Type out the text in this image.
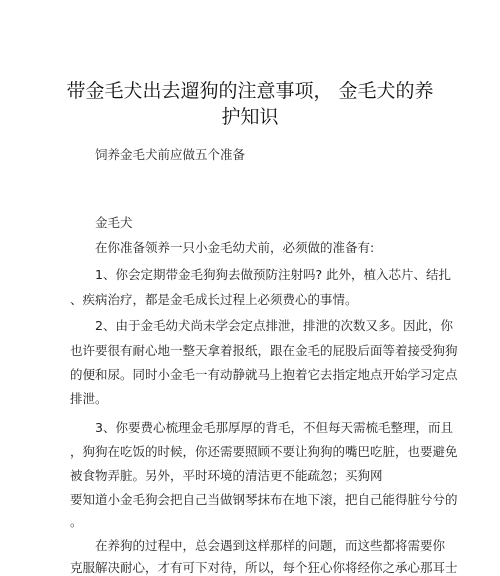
带金毛犬出去遛狗的注意事项， 金毛犬的养
护知识
饲养金毛犬前应做五个准备
金毛犬
在你准备领养一只小金毛幼犬前，必须做的准备有:
1、你会定期带金毛狗狗去做预防注射吗? 此外，植入芯片、结扎
、疾病治疗，都是金毛成长过程上必须费心的事情。
2、由于金毛幼犬尚未学会定点排泄，排泄的次数又多。因此，你
也许要很有耐心地一整天拿着报纸，跟在金毛的屁股后面等着接受狗狗
的便和尿。同时小金毛一有动静就马上抱着它去指定地点开始学习定点
排泄。
3、你要费心梳理金毛那厚厚的背毛，不但每天需梳毛整理，而且
，狗狗在吃饭的时候，你还需要照顾不要让狗狗的嘴巴吃脏，也要避免
被食物弄脏。另外，平时环境的清洁更不能疏忽；买狗网
要知道小金毛狗会把自己当做钢琴抹布在地下滚，把自己能得脏兮兮的
。
在养狗的过程中，总会遇到这样那样的问题，而这些都将需要你
克服解决耐心，才有可下对待，所以，每个狂心你将经你之承心那耳士
